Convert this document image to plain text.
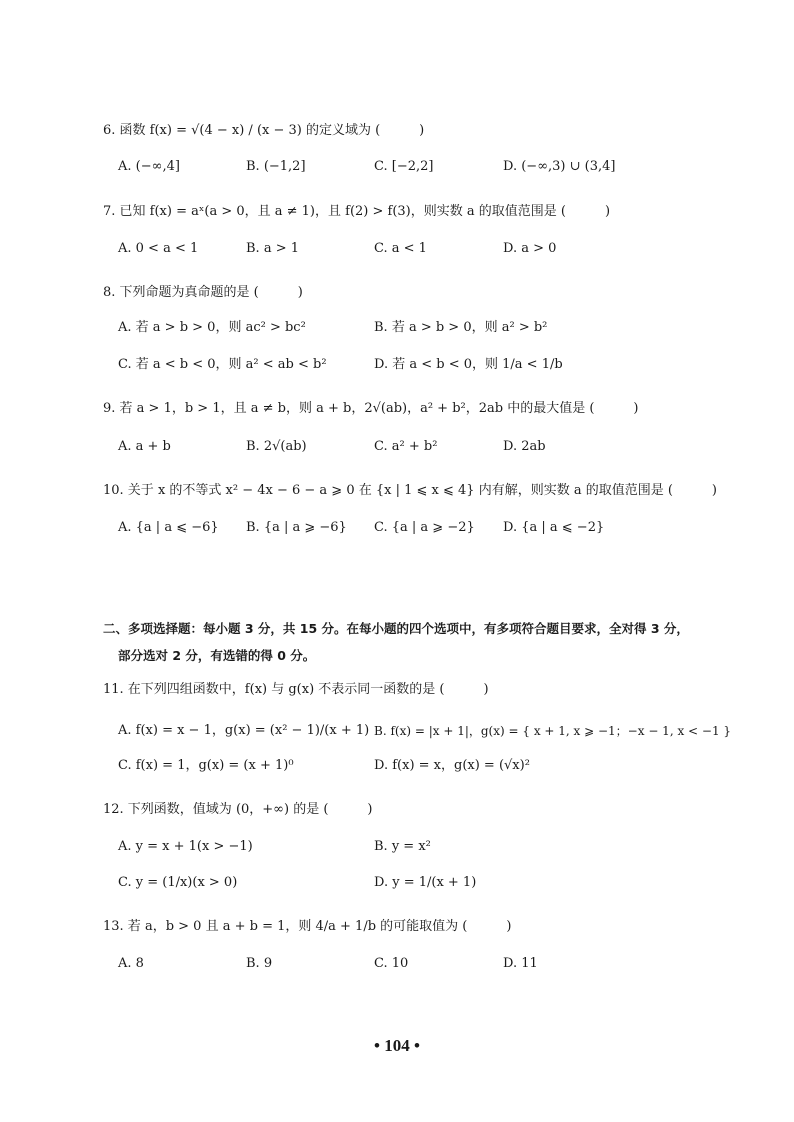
6. 函数 f(x) = √(4 − x) / (x − 3) 的定义域为 (　　　)
A. (−∞,4]	B. (−1,2]	C. [−2,2]	D. (−∞,3) ∪ (3,4]
7. 已知 f(x) = aˣ(a > 0，且 a ≠ 1)，且 f(2) > f(3)，则实数 a 的取值范围是 (　　　)
A. 0 < a < 1	B. a > 1	C. a < 1	D. a > 0
8. 下列命题为真命题的是 (　　　)
A. 若 a > b > 0，则 ac² > bc²	B. 若 a > b > 0，则 a² > b²
C. 若 a < b < 0，则 a² < ab < b²	D. 若 a < b < 0，则 1/a < 1/b
9. 若 a > 1，b > 1，且 a ≠ b，则 a + b，2√(ab)，a² + b²，2ab 中的最大值是 (　　　)
A. a + b	B. 2√(ab)	C. a² + b²	D. 2ab
10. 关于 x 的不等式 x² − 4x − 6 − a ⩾ 0 在 {x | 1 ⩽ x ⩽ 4} 内有解，则实数 a 的取值范围是 (　　　)
A. {a | a ⩽ −6} B. {a | a ⩾ −6} C. {a | a ⩾ −2} D. {a | a ⩽ −2}
二、多项选择题：每小题 3 分，共 15 分。在每小题的四个选项中，有多项符合题目要求，全对得 3 分，
部分选对 2 分，有选错的得 0 分。
11. 在下列四组函数中，f(x) 与 g(x) 不表示同一函数的是 (　　　)
A. f(x) = x − 1，g(x) = (x² − 1)/(x + 1) B. f(x) = |x + 1|，g(x) = { x + 1, x ⩾ −1；−x − 1, x < −1 }
C. f(x) = 1，g(x) = (x + 1)⁰	D. f(x) = x，g(x) = (√x)²
12. 下列函数，值域为 (0，+∞) 的是 (　　　)
A. y = x + 1(x > −1)	B. y = x²
C. y = (1/x)(x > 0)	D. y = 1/(x + 1)
13. 若 a，b > 0 且 a + b = 1，则 4/a + 1/b 的可能取值为 (　　　)
A. 8	B. 9	C. 10	D. 11
• 104 •
